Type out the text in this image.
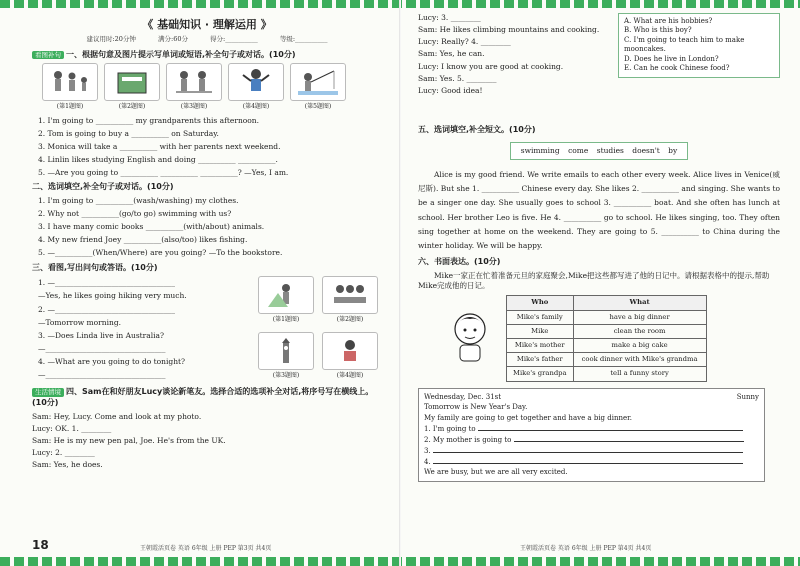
《 基础知识 · 理解运用 》
建议用时:20分钟	满分:60分	得分:__________	等级:__________
看图补句 一、根据句意及图片提示写单词或短语,补全句子或对话。(10分)
(第1题图)	(第2题图)	(第3题图)	(第4题图)	(第5题图)
1. I'm going to __________ my grandparents this afternoon.
2. Tom is going to buy a __________ on Saturday.
3. Monica will take a __________ with her parents next weekend.
4. Linlin likes studying English and doing __________ __________.
5. —Are you going to __________ __________ __________? —Yes, I am.
二、选词填空,补全句子或对话。(10分)
1. I'm going to __________(wash/washing) my clothes.
2. Why not __________(go/to go) swimming with us?
3. I have many comic books __________(with/about) animals.
4. My new friend Joey __________(also/too) likes fishing.
5. —__________(When/Where) are you going? —To the bookstore.
三、看图,写出问句或答语。(10分)
1. —________________________________
—Yes, he likes going hiking very much.
2. —________________________________
—Tomorrow morning.
3. —Does Linda live in Australia?
—________________________________
4. —What are you going to do tonight?
—________________________________
(第1题图)	(第2题图)
(第3题图)	(第4题图)
生活情境 四、Sam在和好朋友Lucy谈论新笔友。选择合适的选项补全对话,将序号写在横线上。(10分)
Sam: Hey, Lucy. Come and look at my photo.
Lucy: OK. 1. ________
Sam: He is my new pen pal, Joe. He's from the UK.
Lucy: 2. ________
Sam: Yes, he does.
18	王朝霞活页卷 英语 6年级 上册 PEP 第3页 共4页
Lucy: 3. ________
Sam: He likes climbing mountains and cooking.
Lucy: Really? 4. ________
Sam: Yes, he can.
Lucy: I know you are good at cooking.
Sam: Yes. 5. ________
Lucy: Good idea!
A. What are his hobbies?
B. Who is this boy?
C. I'm going to teach him to make mooncakes.
D. Does he live in London?
E. Can he cook Chinese food?
五、选词填空,补全短文。(10分)
swimming come studies doesn't by
Alice is my good friend. We write emails to each other every week. Alice lives in Venice(威尼斯). But she 1. __________ Chinese every day. She likes 2. __________ and singing. She wants to be a singer one day. She usually goes to school 3. __________ boat. And she often has lunch at school. Her brother Leo is five. He 4. __________ go to school. He likes singing, too. They often sing together at home on the weekend. They are going to 5. __________ to China during the winter holiday. We will be happy.
六、书面表达。(10分)
Mike一家正在忙着准备元旦的家庭聚会,Mike把这些都写进了他的日记中。请根据表格中的提示,帮助Mike完成他的日记。
Who	What
Mike's family	have a big dinner
Mike	clean the room
Mike's mother	make a big cake
Mike's father	cook dinner with Mike's grandma
Mike's grandpa	tell a funny story
Wednesday, Dec. 31st	Sunny
Tomorrow is New Year's Day.
My family are going to get together and have a big dinner.
1. I'm going to
2. My mother is going to
3.
4.
We are busy, but we are all very excited.
王朝霞活页卷 英语 6年级 上册 PEP 第4页 共4页
